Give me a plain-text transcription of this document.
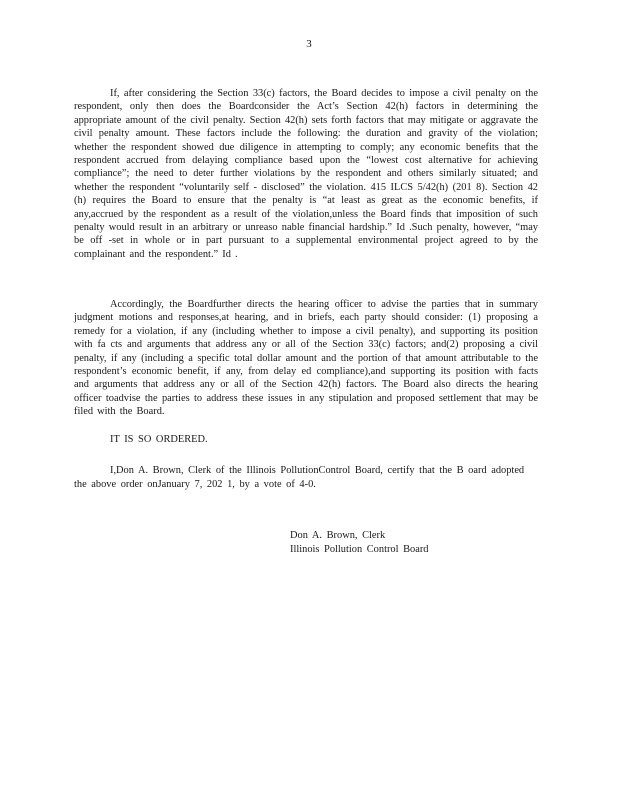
3

If, after considering the Section 33(c) factors, the Board decides to impose a civil penalty on the respondent, only then does the Boardconsider the Act’s Section 42(h) factors in determining the appropriate amount of the civil penalty. Section 42(h) sets forth factors that may mitigate or aggravate the civil penalty amount. These factors include the following: the duration and gravity of the violation; whether the respondent showed due diligence in attempting to comply; any economic benefits that the respondent accrued from delaying compliance based upon the “lowest cost alternative for achieving compliance”; the need to deter further violations by the respondent and others similarly situated; and whether the respondent “voluntarily self - disclosed” the violation. 415 ILCS 5/42(h) (201 8). Section 42 (h) requires the Board to ensure that the penalty is “at least as great as the economic benefits, if any,accrued by the respondent as a result of the violation,unless the Board finds that imposition of such penalty would result in an arbitrary or unreaso nable financial hardship.” Id .Such penalty, however, “may be off -set in whole or in part pursuant to a supplemental environmental project agreed to by the complainant and the respondent.” Id .

Accordingly, the Boardfurther directs the hearing officer to advise the parties that in summary judgment motions and responses,at hearing, and in briefs, each party should consider: (1) proposing a remedy for a violation, if any (including whether to impose a civil penalty), and supporting its position with fa cts and arguments that address any or all of the Section 33(c) factors; and(2) proposing a civil penalty, if any (including a specific total dollar amount and the portion of that amount attributable to the respondent’s economic benefit, if any, from delay ed compliance),and supporting its position with facts and arguments that address any or all of the Section 42(h) factors. The Board also directs the hearing officer toadvise the parties to address these issues in any stipulation and proposed settlement that may be filed with the Board.

IT IS SO ORDERED.

I,Don A. Brown, Clerk of the Illinois PollutionControl Board, certify that the B oard adopted the above order onJanuary 7, 202 1, by a vote of 4-0.

Don A. Brown, Clerk
Illinois Pollution Control Board
